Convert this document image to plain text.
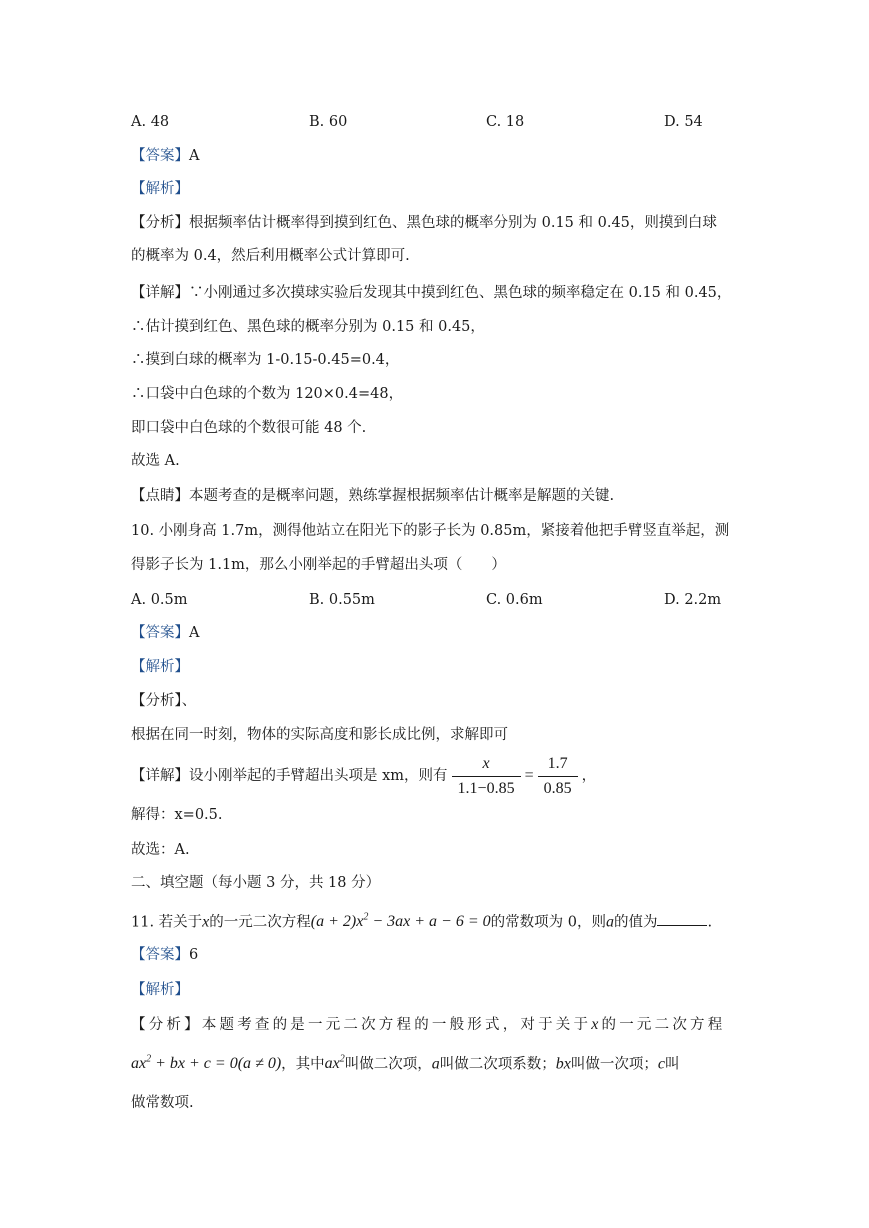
A. 48	B. 60	C. 18	D. 54
【答案】A
【解析】
【分析】根据频率估计概率得到摸到红色、黑色球的概率分别为 0.15 和 0.45，则摸到白球
的概率为 0.4，然后利用概率公式计算即可.
【详解】∵小刚通过多次摸球实验后发现其中摸到红色、黑色球的频率稳定在 0.15 和 0.45，
∴估计摸到红色、黑色球的概率分别为 0.15 和 0.45，
∴摸到白球的概率为 1-0.15-0.45=0.4，
∴口袋中白色球的个数为 120×0.4=48，
即口袋中白色球的个数很可能 48 个.
故选 A.
【点睛】本题考查的是概率问题，熟练掌握根据频率估计概率是解题的关键.
10. 小刚身高 1.7m，测得他站立在阳光下的影子长为 0.85m，紧接着他把手臂竖直举起，测
得影子长为 1.1m，那么小刚举起的手臂超出头项（　　）
A. 0.5m	B. 0.55m	C. 0.6m	D. 2.2m
【答案】A
【解析】
【分析】、
根据在同一时刻，物体的实际高度和影长成比例，求解即可
【详解】设小刚举起的手臂超出头项是 xm，则有 $\frac{x}{1.1-0.85} = \frac{1.7}{0.85}$ ，
解得：x=0.5.
故选：A.
二、填空题（每小题 3 分，共 18 分）
11. 若关于x的一元二次方程$(a + 2)x^2 - 3ax + a - 6 = 0$的常数项为 0，则a的值为	.
【答案】6
【解析】
【分析】本题考查的是一元二次方程的一般形式，对于关于x的一元二次方程
$ax^2$ + bx + c = 0(a ≠ 0)，其中$ax^2$叫做二次项，a叫做二次项系数；bx叫做一次项；c叫
做常数项.
